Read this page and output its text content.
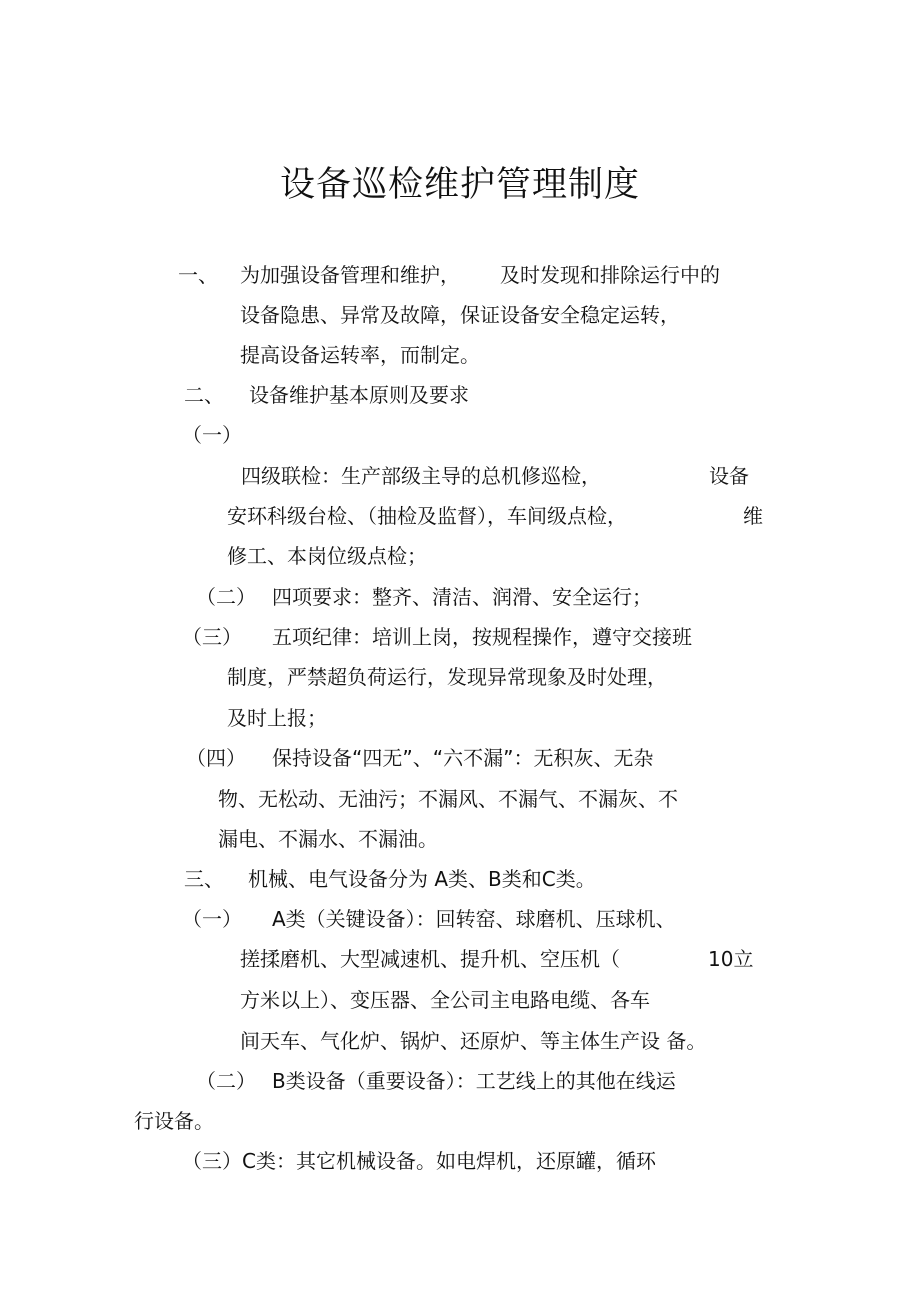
设备巡检维护管理制度
一、 为加强设备管理和维护， 及时发现和排除运行中的
设备隐患、异常及故障，保证设备安全稳定运转，
提高设备运转率，而制定。
二、 设备维护基本原则及要求
（一）
四级联检：生产部级主导的总机修巡检，	设备
安环科级台检、（抽检及监督），车间级点检，	维
修工、本岗位级点检；
（二） 四项要求：整齐、清洁、润滑、安全运行；
（三） 五项纪律：培训上岗，按规程操作，遵守交接班
制度，严禁超负荷运行，发现异常现象及时处理，
及时上报；
（四） 保持设备“四无”、“六不漏”：无积灰、无杂
物、无松动、无油污；不漏风、不漏气、不漏灰、不
漏电、不漏水、不漏油。
三、 机械、电气设备分为 A类、B类和C类。
（一） A类（关键设备）：回转窑、球磨机、压球机、
搓揉磨机、大型减速机、提升机、空压机（	10立
方米以上）、变压器、全公司主电路电缆、各车
间天车、气化炉、锅炉、还原炉、等主体生产设 备。
（二） B类设备（重要设备）：工艺线上的其他在线运
行设备。
（三）C类：其它机械设备。如电焊机，还原罐，循环
